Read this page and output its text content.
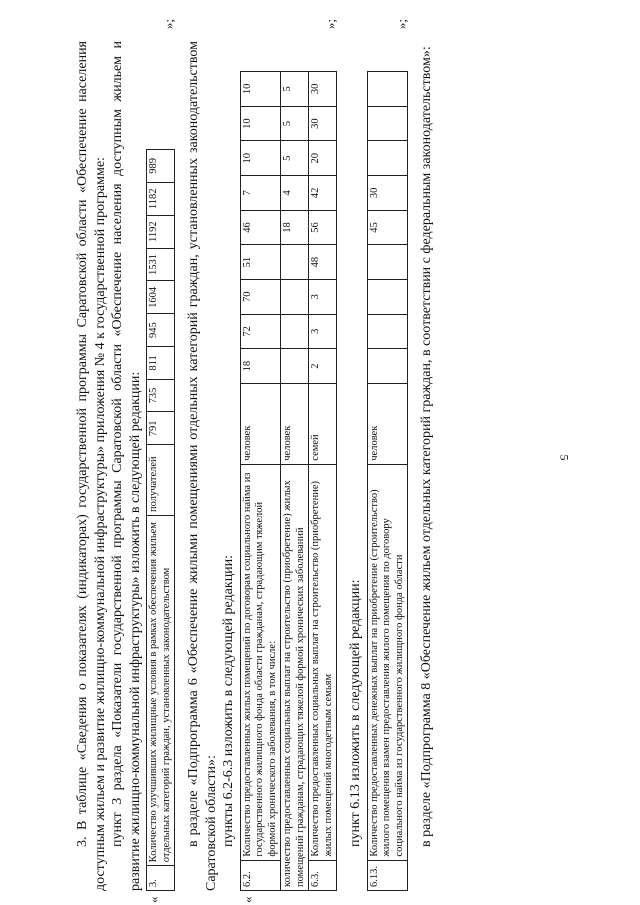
5

3. В таблице «Сведения о показателях (индикаторах) государственной программы Саратовской области «Обеспечение населения доступным жильем и развитие жилищно-коммунальной инфраструктуры» приложения № 4 к государственной программе: пункт 3 раздела «Показатели государственной программы Саратовской области «Обеспечение населения доступным жильем и развитие жилищно-коммунальной инфраструктуры» изложить в следующей редакции:

«
3.	Количество улучшивших жилищные условия в рамках обеспечения жильем отдельных категорий граждан, установленных законодательством	получателей	791	735	811	945	1604	1531	1192	1182	989
»;

в разделе «Подпрограмма 6 «Обеспечение жилыми помещениями отдельных категорий граждан, установленных законодательством Саратовской области»: пункты 6.2-6.3 изложить в следующей редакции:

«
6.2.	Количество предоставленных жилых помещений по договорам социального найма из государственного жилищного фонда области гражданам, страдающим тяжелой формой хронического заболевания, в том числе:	человек	18	72	70	51	46	7	10	10	10
количество предоставленных социальных выплат на строительство (приобретение) жилых помещений гражданам, страдающих тяжелой формой хронических заболеваний		человек					18	4	5	5	5
6.3.	Количество предоставленных социальных выплат на строительство (приобретение) жилых помещений многодетным семьям	семей	2	3	3	48	56	42	20	30	30
»;

пункт 6.13 изложить в следующей редакции:

6.13.	Количество предоставленных денежных выплат на приобретение (строительство) жилого помещения взамен предоставления жилого помещения по договору социального найма из государственного жилищного фонда области	человек					45	30			
»;

в разделе «Подпрограмма 8 «Обеспечение жильем отдельных категорий граждан, в соответствии с федеральным законодательством»:
